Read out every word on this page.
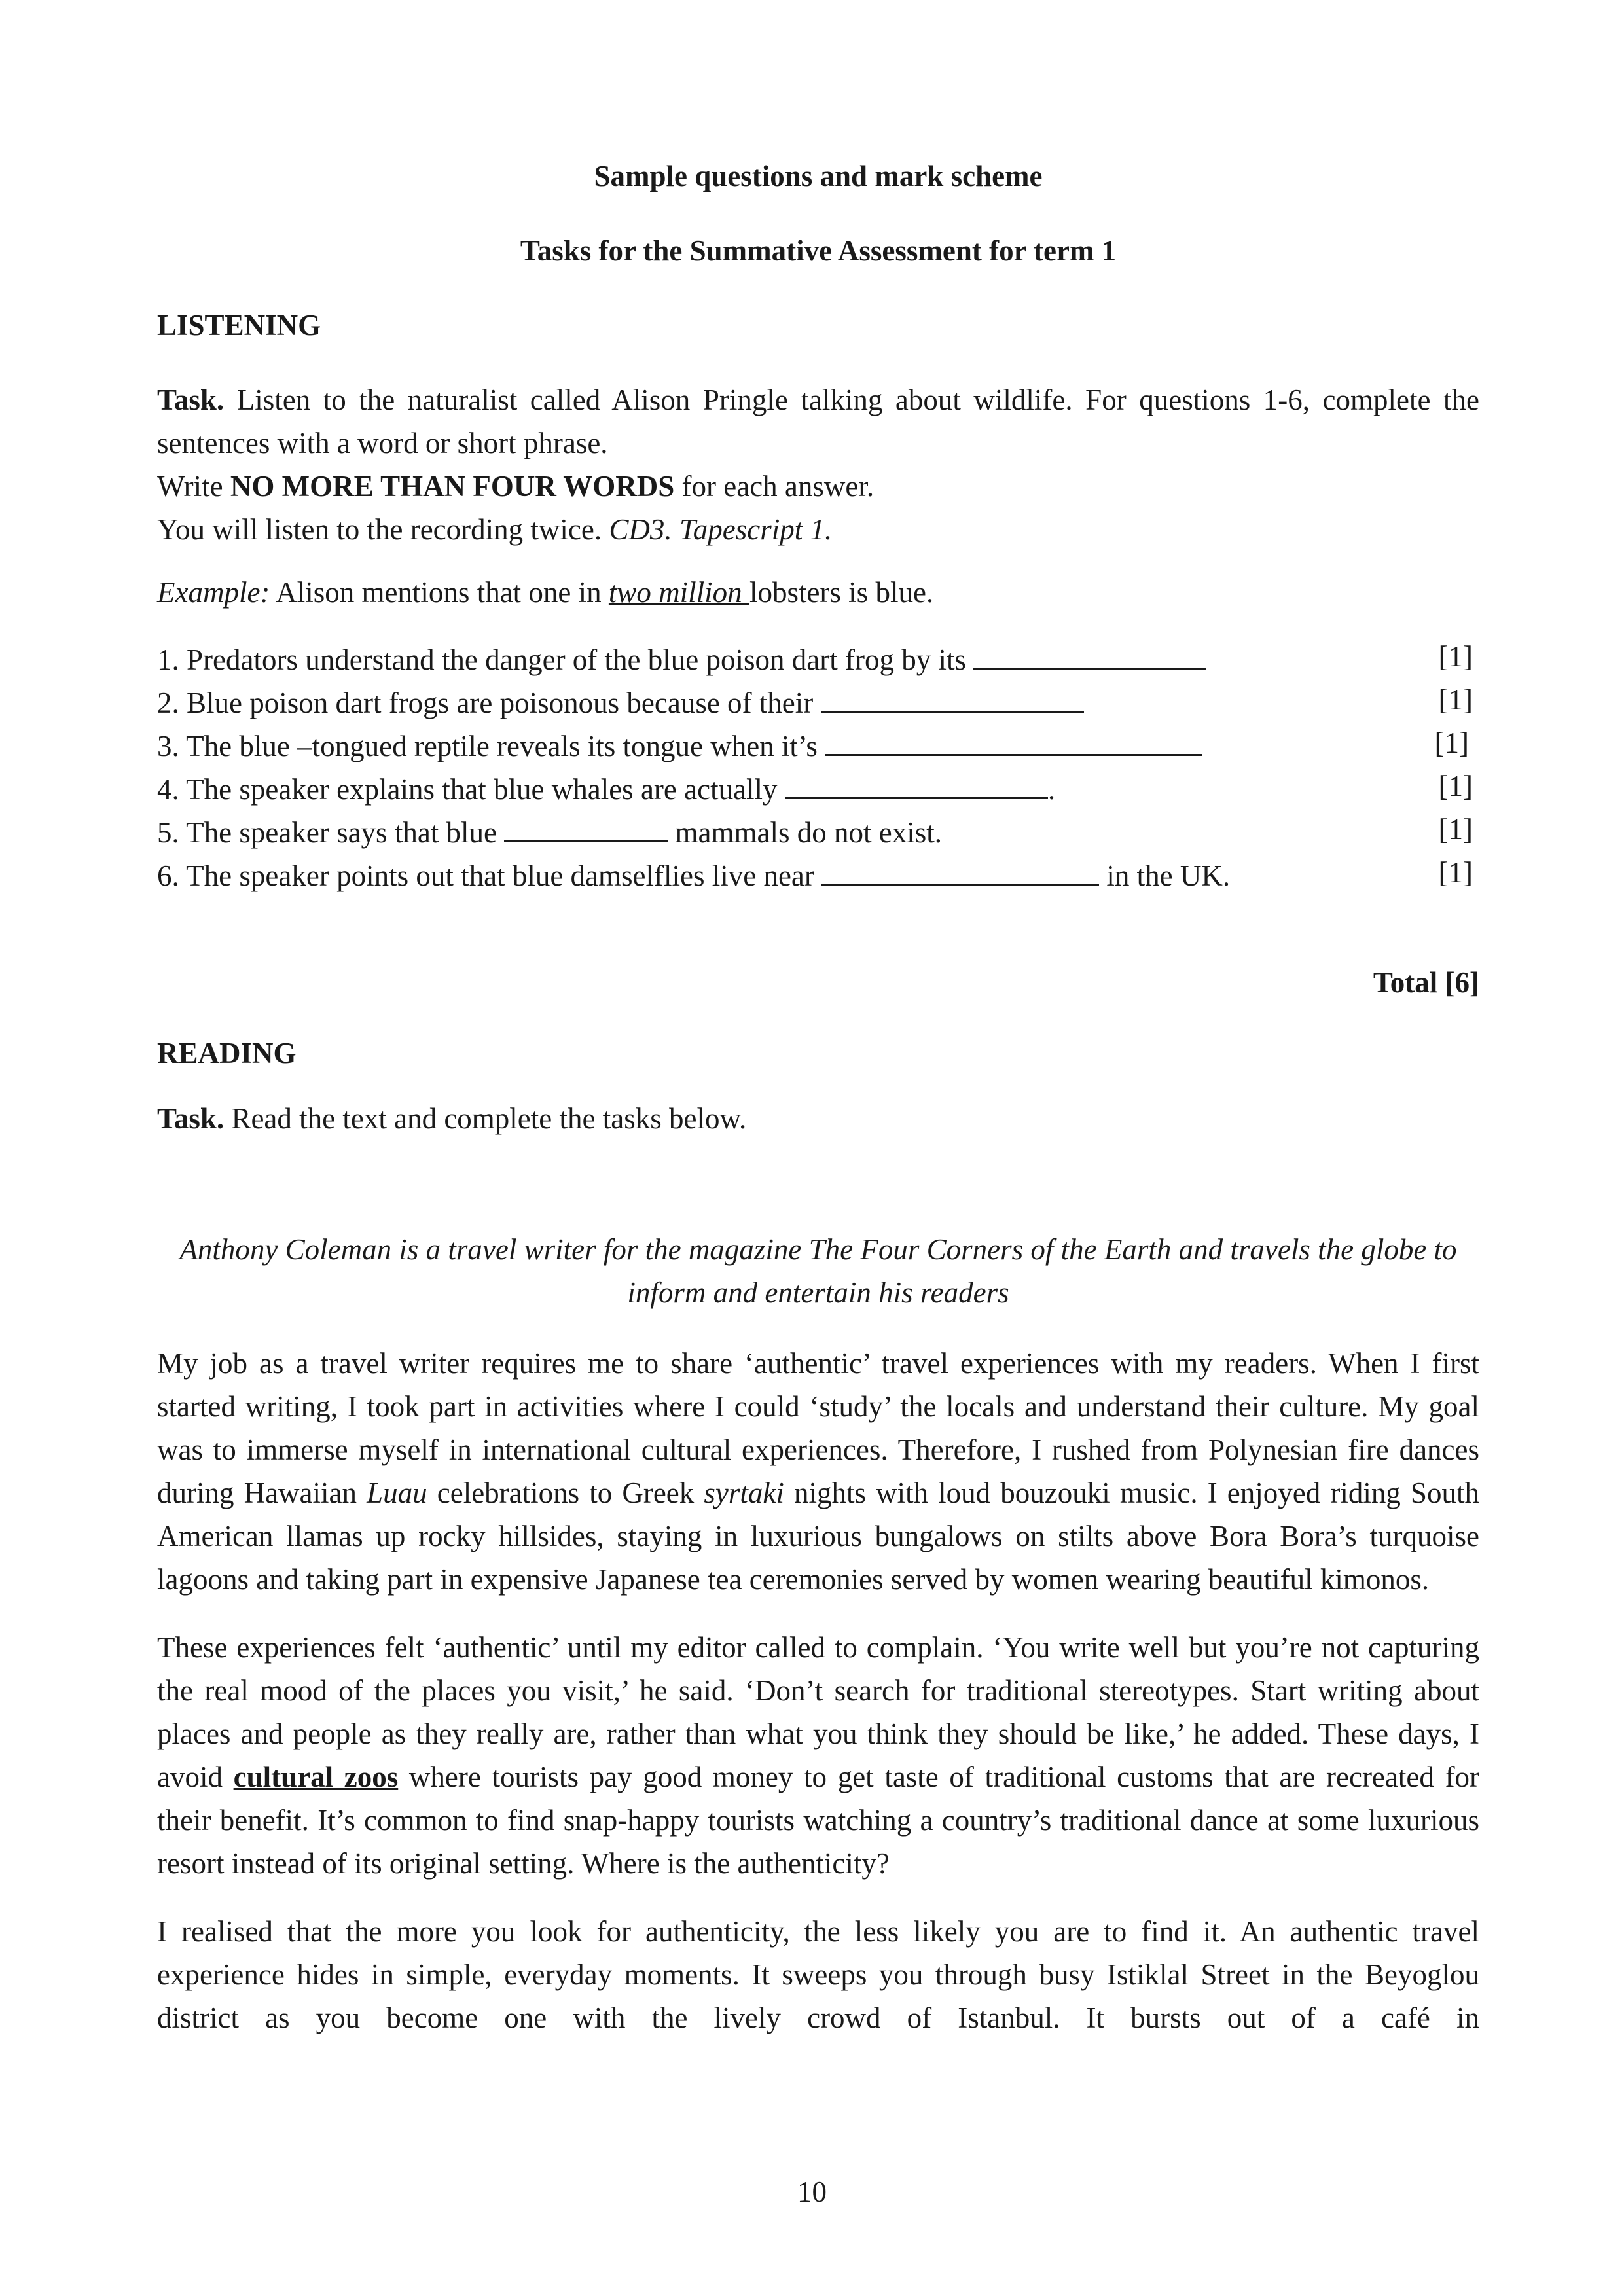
Sample questions and mark scheme
Tasks for the Summative Assessment for term 1
LISTENING

Task. Listen to the naturalist called Alison Pringle talking about wildlife. For questions 1-6, complete the sentences with a word or short phrase.

Write NO MORE THAN FOUR WORDS for each answer.

You will listen to the recording twice. CD3. Tapescript 1.

Example: Alison mentions that one in two million lobsters is blue.
1. Predators understand the danger of the blue poison dart frog by its	[1]
2. Blue poison dart frogs are poisonous because of their	[1]
3. The blue –tongued reptile reveals its tongue when it’s	[1]
4. The speaker explains that blue whales are actually	.	[1]
5. The speaker says that blue	mammals do not exist.	[1]
6. The speaker points out that blue damselflies live near	in the UK.	[1]
Total [6]
READING
Task. Read the text and complete the tasks below.
Anthony Coleman is a travel writer for the magazine The Four Corners of the Earth and travels the globe to inform and entertain his readers

My job as a travel writer requires me to share ‘authentic’ travel experiences with my readers. When I first started writing, I took part in activities where I could ‘study’ the locals and understand their culture. My goal was to immerse myself in international cultural experiences. Therefore, I rushed from Polynesian fire dances during Hawaiian Luau celebrations to Greek syrtaki nights with loud bouzouki music. I enjoyed riding South American llamas up rocky hillsides, staying in luxurious bungalows on stilts above Bora Bora’s turquoise lagoons and taking part in expensive Japanese tea ceremonies served by women wearing beautiful kimonos.

These experiences felt ‘authentic’ until my editor called to complain. ‘You write well but you’re not capturing the real mood of the places you visit,’ he said. ‘Don’t search for traditional stereotypes. Start writing about places and people as they really are, rather than what you think they should be like,’ he added. These days, I avoid cultural zoos where tourists pay good money to get taste of traditional customs that are recreated for their benefit. It’s common to find snap-happy tourists watching a country’s traditional dance at some luxurious resort instead of its original setting. Where is the authenticity?

I realised that the more you look for authenticity, the less likely you are to find it. An authentic travel experience hides in simple, everyday moments. It sweeps you through busy Istiklal Street in the Beyoglou district as you become one with the lively crowd of Istanbul. It bursts out of a café in

10
